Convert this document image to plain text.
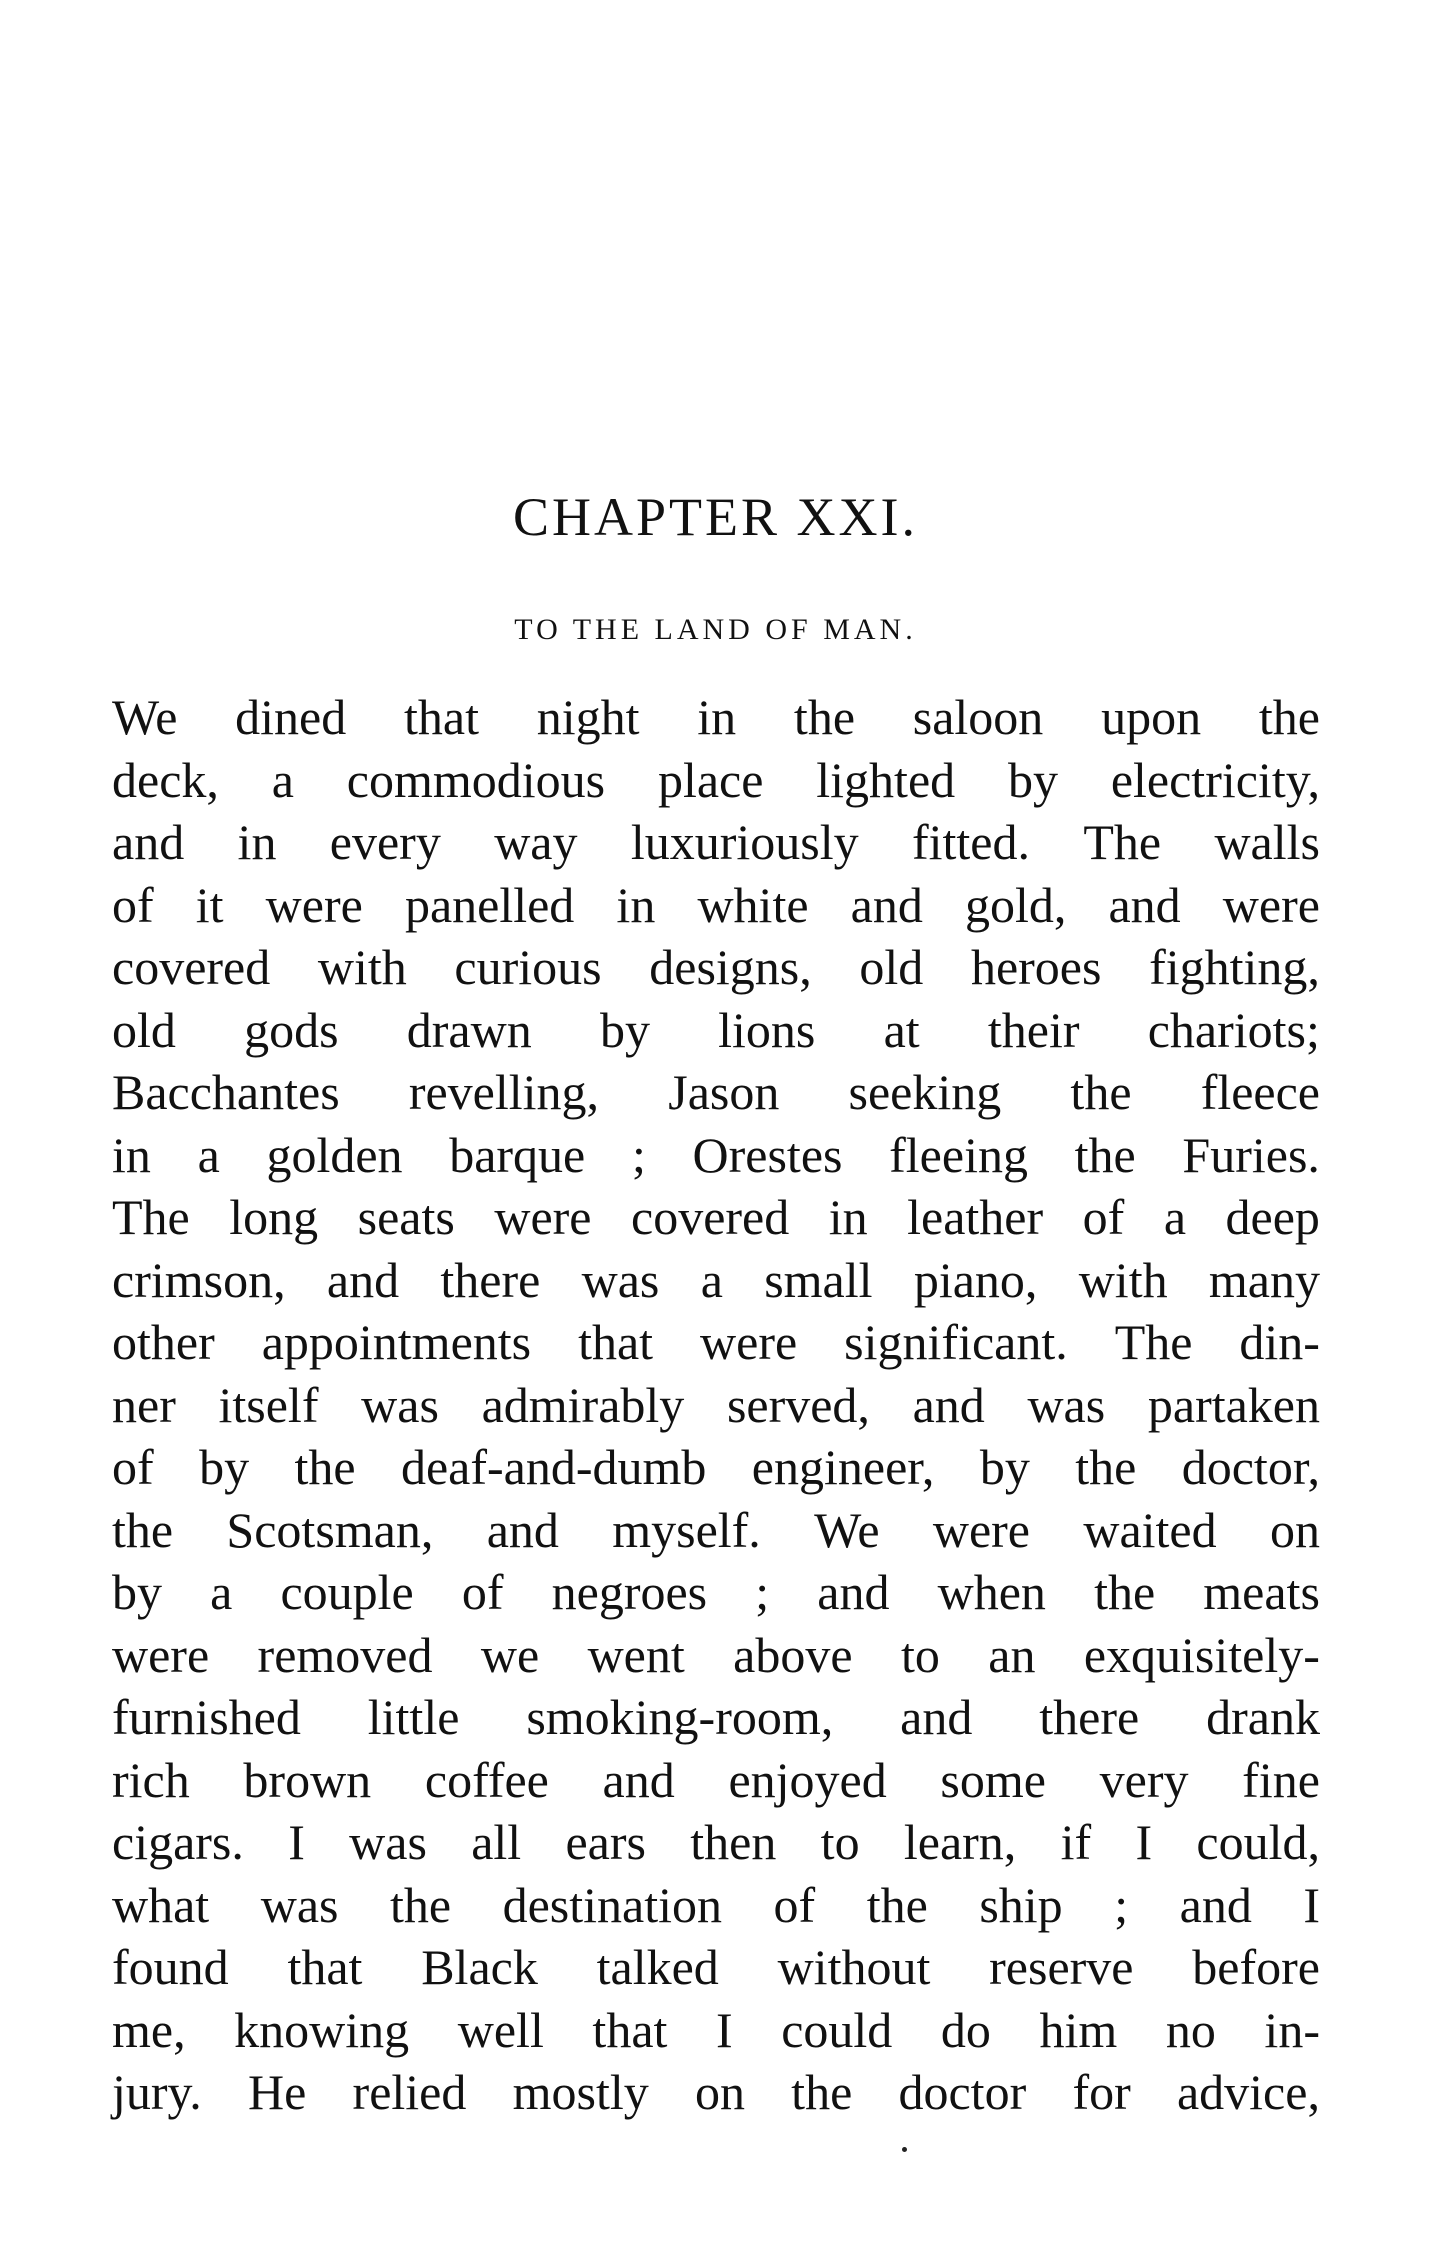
CHAPTER XXI.
TO THE LAND OF MAN.
We dined that night in the saloon upon the
deck, a commodious place lighted by electricity,
and in every way luxuriously fitted. The walls
of it were panelled in white and gold, and were
covered with curious designs, old heroes fighting,
old gods drawn by lions at their chariots;
Bacchantes revelling, Jason seeking the fleece
in a golden barque ; Orestes fleeing the Furies.
The long seats were covered in leather of a deep
crimson, and there was a small piano, with many
other appointments that were significant. The din-
ner itself was admirably served, and was partaken
of by the deaf-and-dumb engineer, by the doctor,
the Scotsman, and myself. We were waited on
by a couple of negroes ; and when the meats
were removed we went above to an exquisitely-
furnished little smoking-room, and there drank
rich brown coffee and enjoyed some very fine
cigars. I was all ears then to learn, if I could,
what was the destination of the ship ; and I
found that Black talked without reserve before
me, knowing well that I could do him no in-
jury. He relied mostly on the doctor for advice,
